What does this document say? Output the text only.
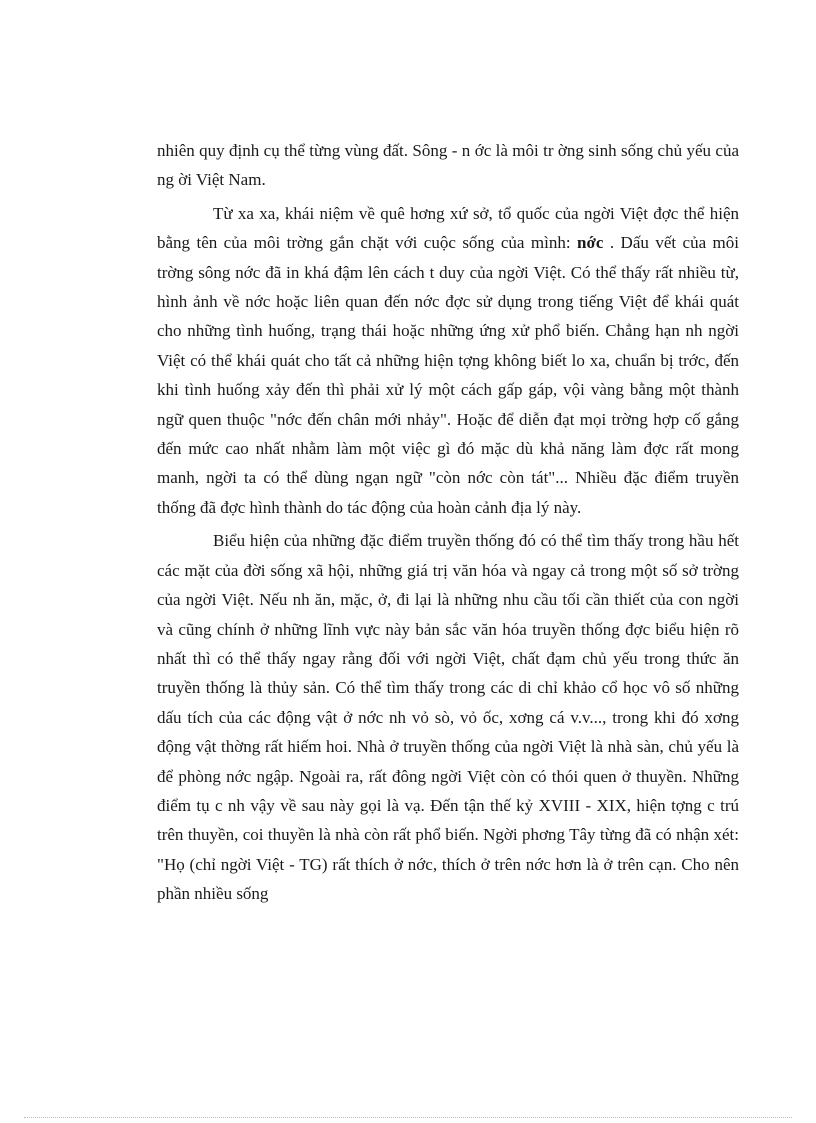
nhiên quy định cụ thể từng vùng đất. Sông - n ớc là môi tr ờng sinh sống chủ yếu của ng ời Việt Nam.

Từ xa xa, khái niệm về quê hơng xứ sở, tổ quốc của ngời Việt đợc thể hiện bằng tên của môi trờng gắn chặt với cuộc sống của mình: nớc . Dấu vết của môi trờng sông nớc đã in khá đậm lên cách t duy của ngời Việt. Có thể thấy rất nhiều từ, hình ảnh về nớc hoặc liên quan đến nớc đợc sử dụng trong tiếng Việt để khái quát cho những tình huống, trạng thái hoặc những ứng xử phổ biến. Chẳng hạn nh ngời Việt có thể khái quát cho tất cả những hiện tợng không biết lo xa, chuẩn bị trớc, đến khi tình huống xảy đến thì phải xử lý một cách gấp gáp, vội vàng bằng một thành ngữ quen thuộc "nớc đến chân mới nhảy". Hoặc để diễn đạt mọi trờng hợp cố gắng đến mức cao nhất nhằm làm một việc gì đó mặc dù khả năng làm đợc rất mong manh, ngời ta có thể dùng ngạn ngữ "còn nớc còn tát"... Nhiều đặc điểm truyền thống đã đợc hình thành do tác động của hoàn cảnh địa lý này.

Biểu hiện của những đặc điểm truyền thống đó có thể tìm thấy trong hầu hết các mặt của đời sống xã hội, những giá trị văn hóa và ngay cả trong một số sở trờng của ngời Việt. Nếu nh ăn, mặc, ở, đi lại là những nhu cầu tối cần thiết của con ngời và cũng chính ở những lĩnh vực này bản sắc văn hóa truyền thống đợc biểu hiện rõ nhất thì có thể thấy ngay rằng đối với ngời Việt, chất đạm chủ yếu trong thức ăn truyền thống là thủy sản. Có thể tìm thấy trong các di chỉ khảo cổ học vô số những dấu tích của các động vật ở nớc nh vỏ sò, vỏ ốc, xơng cá v.v..., trong khi đó xơng động vật thờng rất hiếm hoi. Nhà ở truyền thống của ngời Việt là nhà sàn, chủ yếu là để phòng nớc ngập. Ngoài ra, rất đông ngời Việt còn có thói quen ở thuyền. Những điểm tụ c nh vậy về sau này gọi là vạ. Đến tận thế kỷ XVIII - XIX, hiện tợng c trú trên thuyền, coi thuyền là nhà còn rất phổ biến. Ngời phơng Tây từng đã có nhận xét: "Họ (chỉ ngời Việt - TG) rất thích ở nớc, thích ở trên nớc hơn là ở trên cạn. Cho nên phần nhiều sống
